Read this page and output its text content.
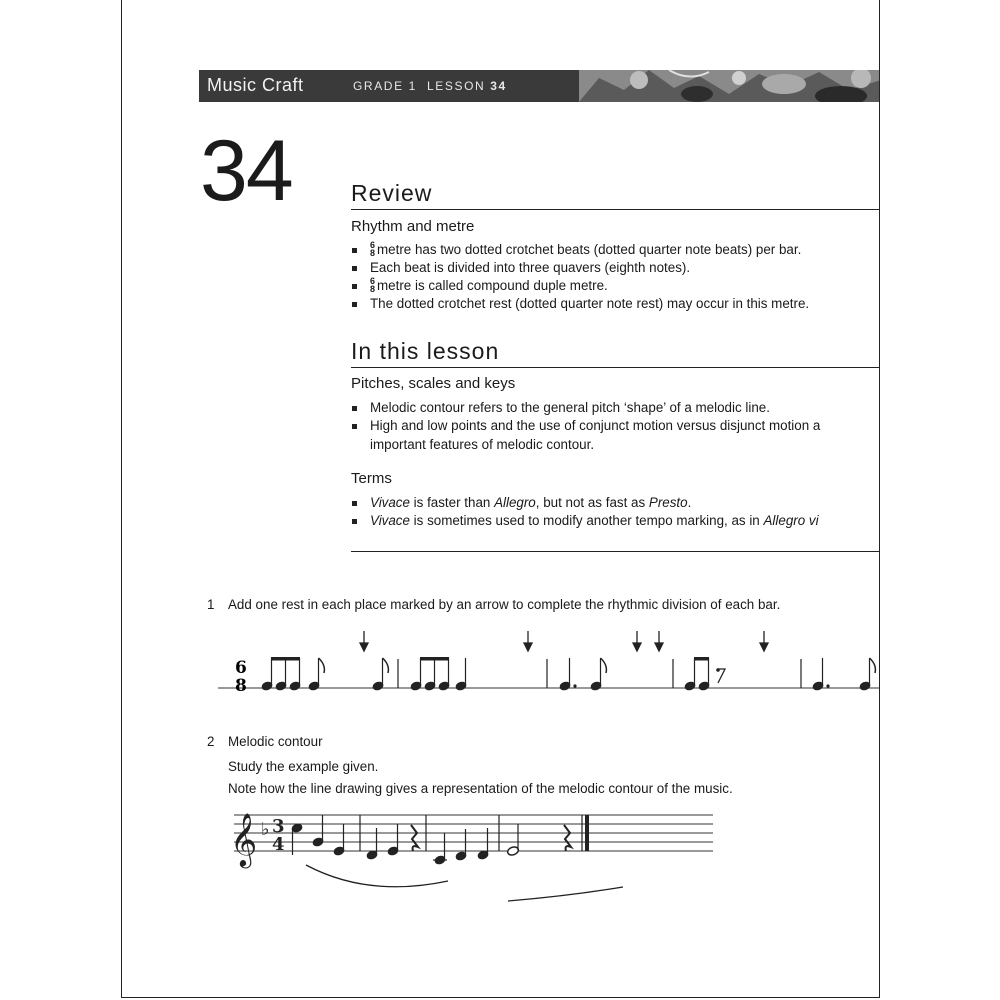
Music Craft	GRADE 1 LESSON 34
34	Review
Rhythm and metre
6
8 metre has two dotted crotchet beats (dotted quarter note beats) per bar.
Each beat is divided into three quavers (eighth notes).
6
8 metre is called compound duple metre.
The dotted crotchet rest (dotted quarter note rest) may occur in this metre.
In this lesson
Pitches, scales and keys
Melodic contour refers to the general pitch ‘shape’ of a melodic line.
High and low points and the use of conjunct motion versus disjunct motion a
important features of melodic contour.
Terms
Vivace is faster than Allegro, but not as fast as Presto.
Vivace is sometimes used to modify another tempo marking, as in Allegro vi
1 Add one rest in each place marked by an arrow to complete the rhythmic division of each bar.
6
8
2 Melodic contour
Study the example given.
Note how the line drawing gives a representation of the melodic contour of the music.
𝄞 ♭ 3
4
